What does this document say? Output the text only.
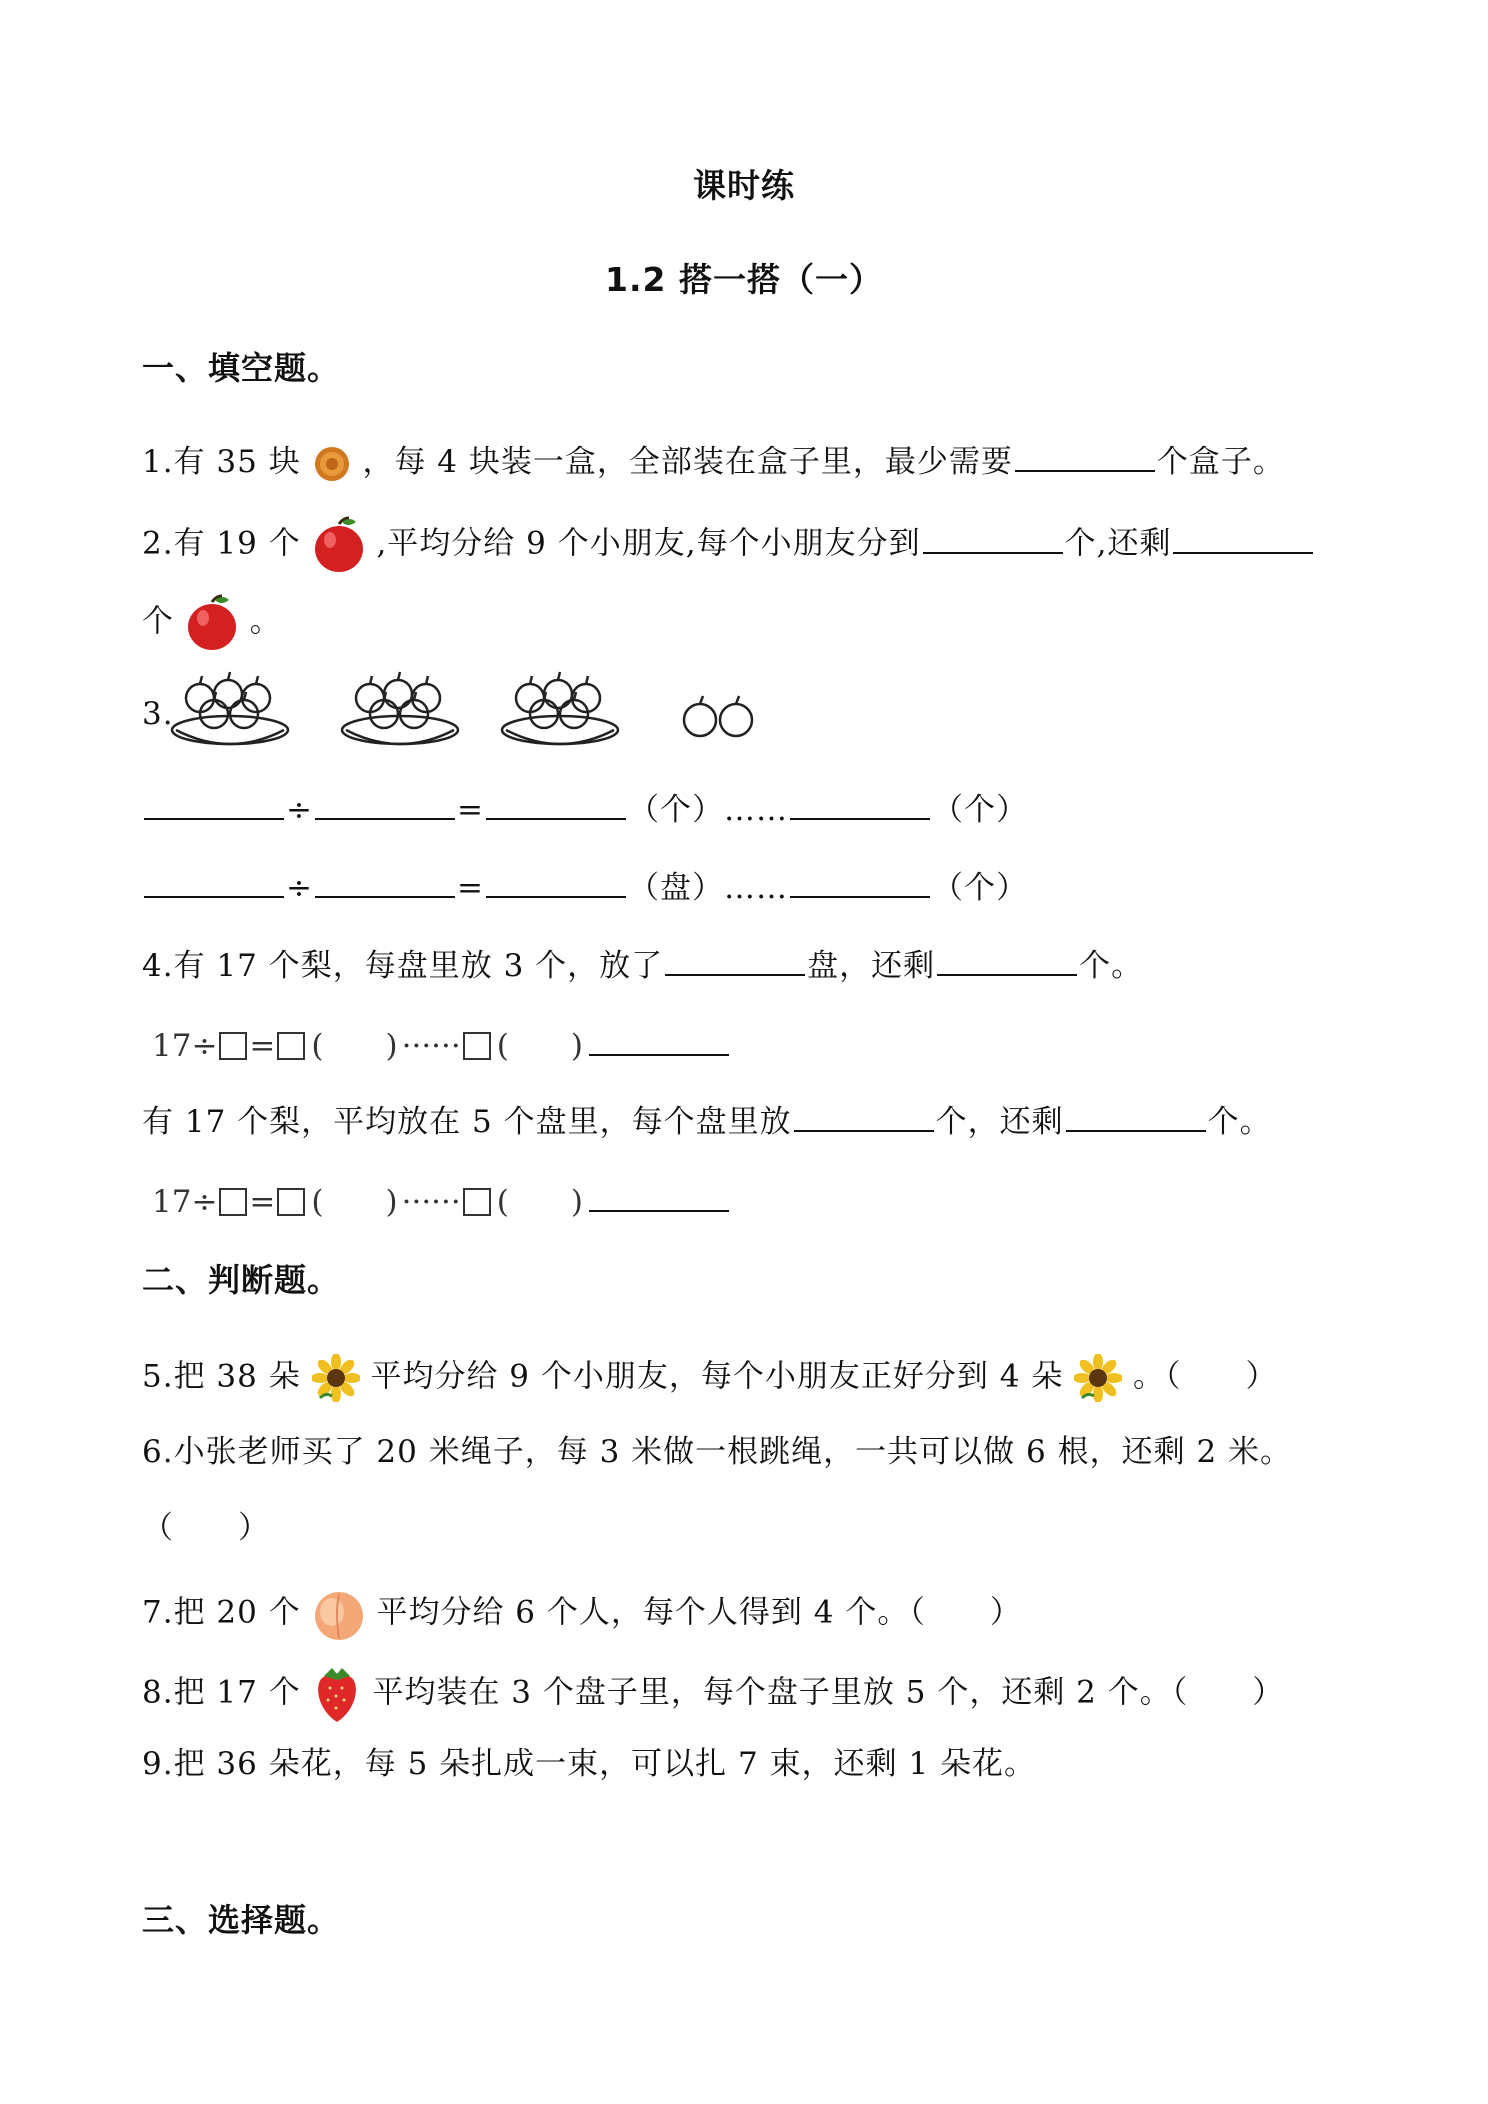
课时练
1.2 搭一搭（一）
一、填空题。
1.有 35 块 ，每 4 块装一盒，全部装在盒子里，最少需要	个盒子。
2.有 19 个 ,平均分给 9 个小朋友,每个小朋友分到	个,还剩
个 。
3.
÷	=	（个）……	（个）
÷	=	（盘）……	（个）
4.有 17 个梨，每盘里放 3 个，放了	盘，还剩	个。
17÷ = (  ) ······ (  )
有 17 个梨，平均放在 5 个盘里，每个盘里放	个，还剩	个。
17÷ = (  ) ······ (  )
二、判断题。
5.把 38 朵 平均分给 9 个小朋友，每个小朋友正好分到 4 朵 。（　　）
6.小张老师买了 20 米绳子，每 3 米做一根跳绳，一共可以做 6 根，还剩 2 米。
（　　）
7.把 20 个 平均分给 6 个人，每个人得到 4 个。（　　）
8.把 17 个 平均装在 3 个盘子里，每个盘子里放 5 个，还剩 2 个。（　　）
9.把 36 朵花，每 5 朵扎成一束，可以扎 7 束，还剩 1 朵花。
三、选择题。
